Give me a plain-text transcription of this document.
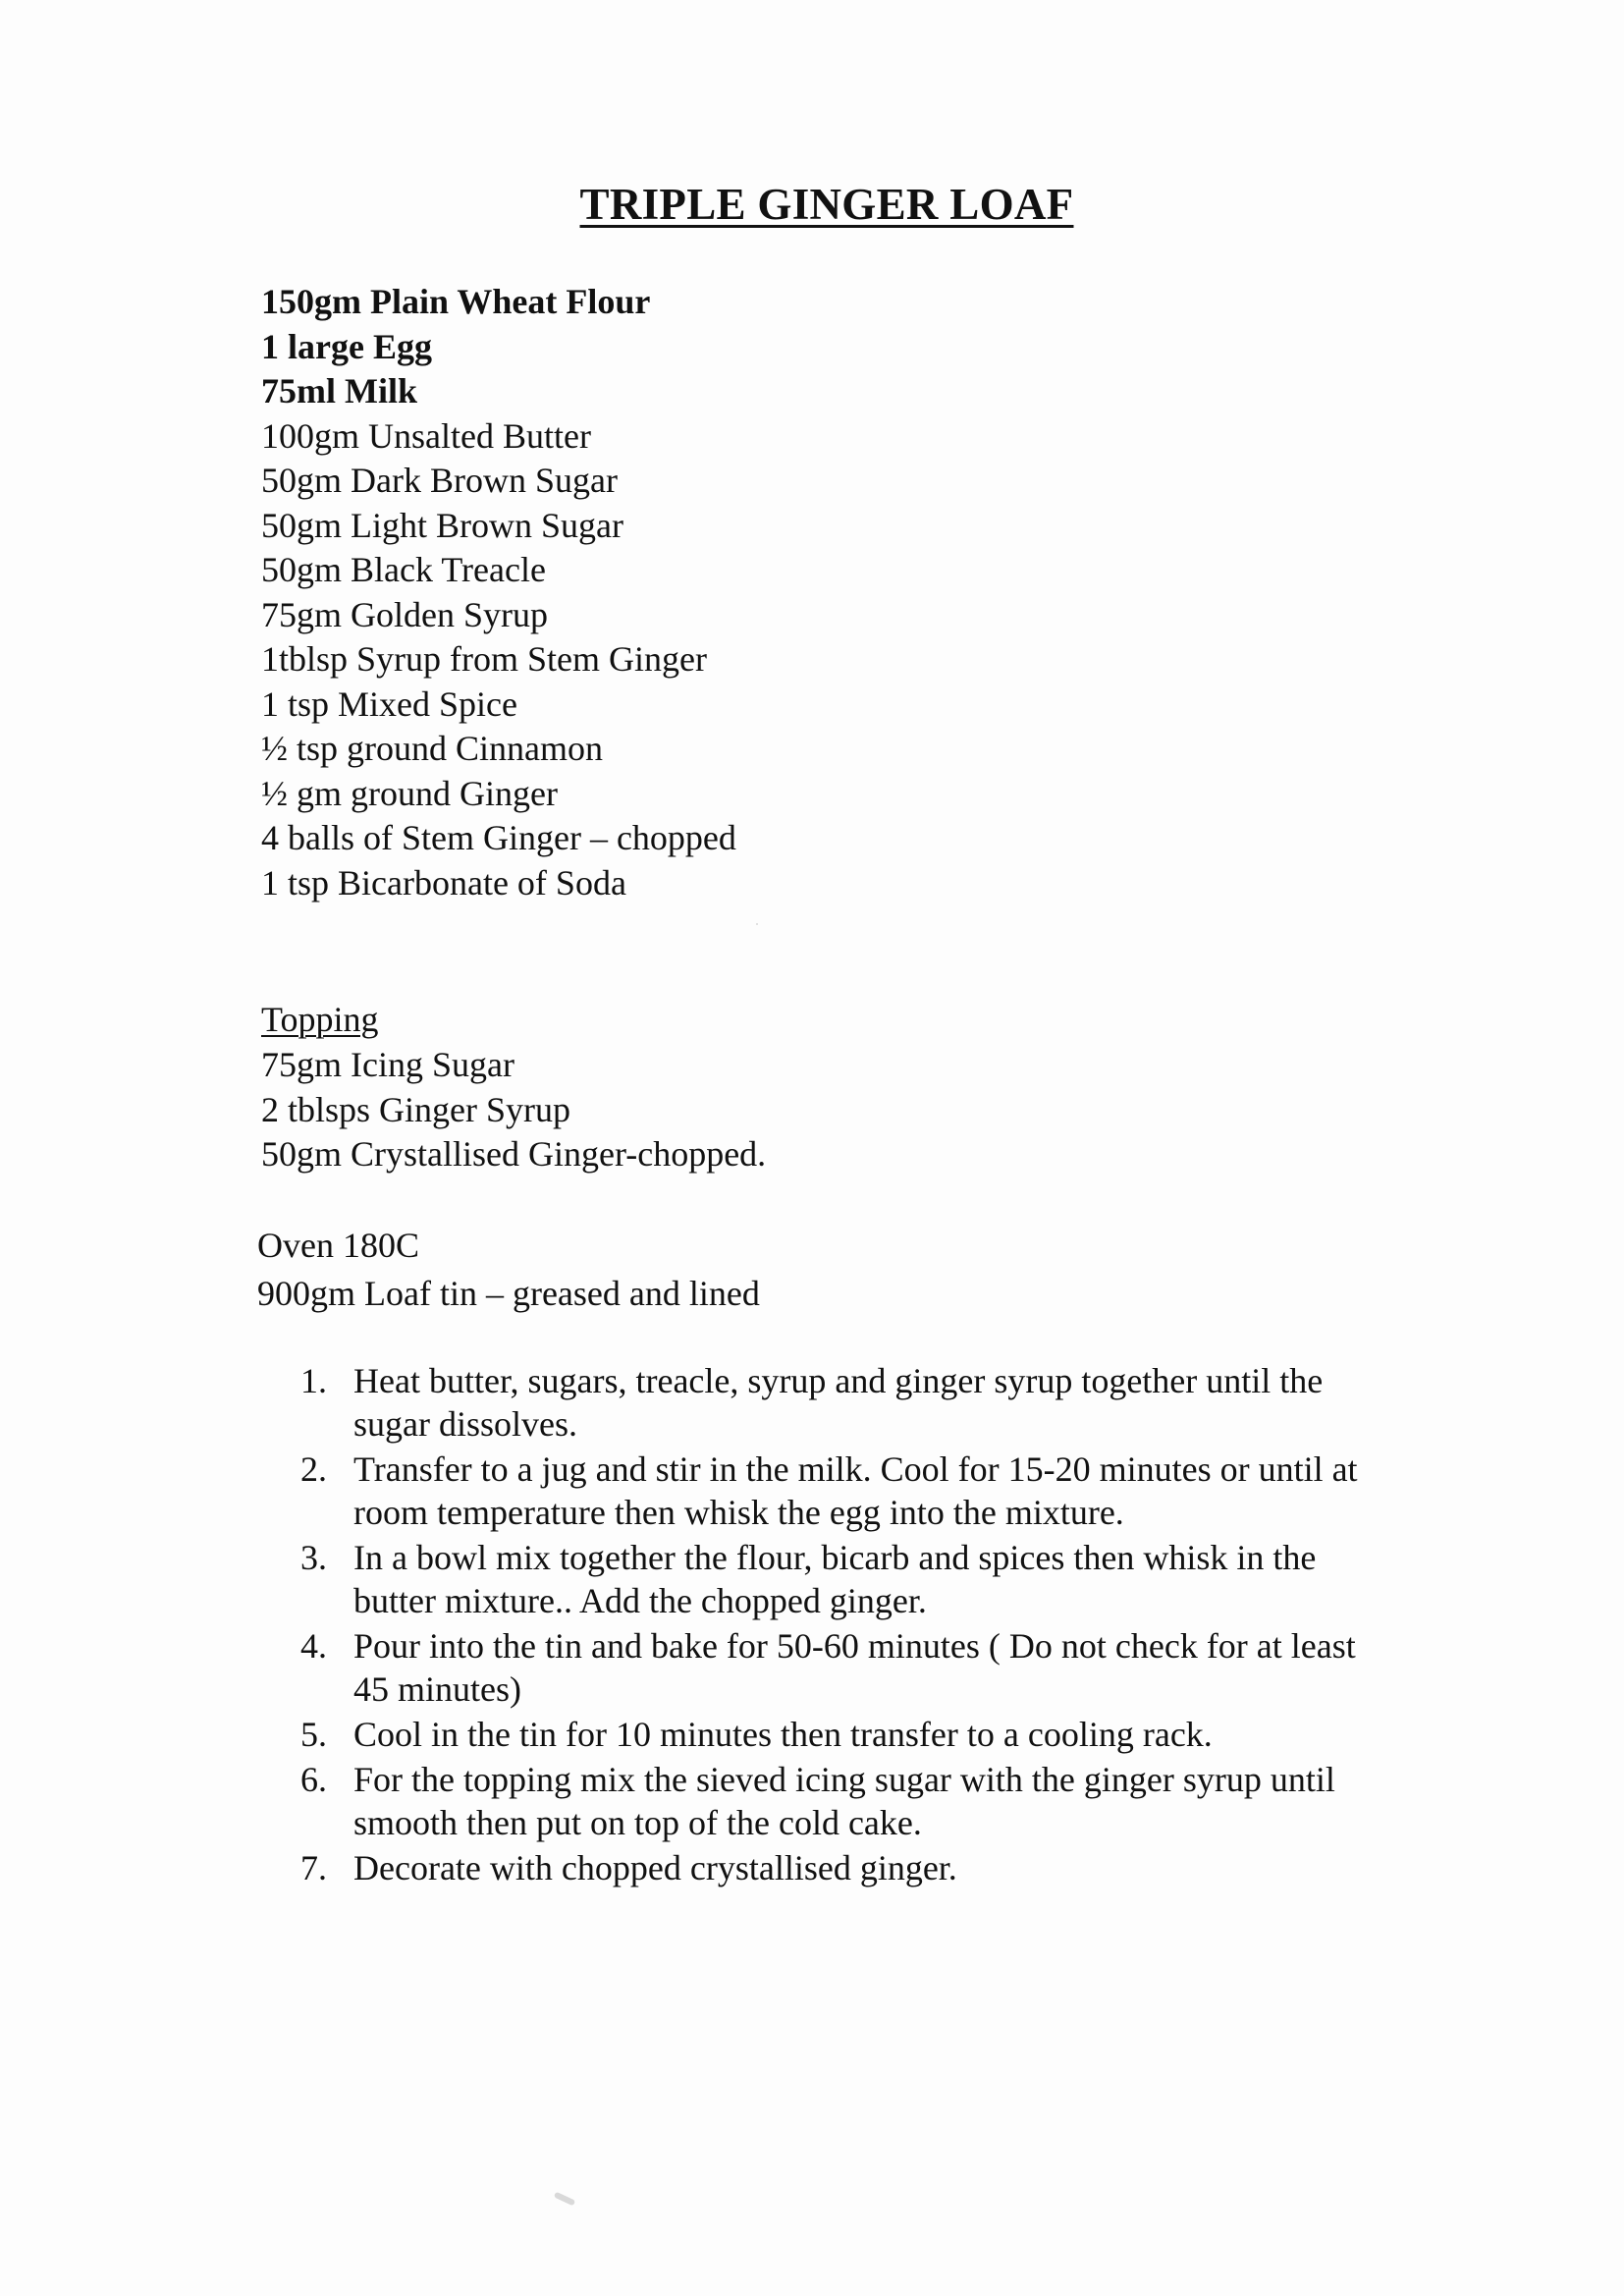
TRIPLE GINGER LOAF
150gm Plain Wheat Flour
1 large Egg
75ml Milk
100gm Unsalted Butter
50gm Dark Brown Sugar
50gm Light Brown Sugar
50gm Black Treacle
75gm Golden Syrup
1tblsp Syrup from Stem Ginger
1 tsp Mixed Spice
½ tsp ground Cinnamon
½ gm ground Ginger
4 balls of Stem Ginger – chopped
1 tsp Bicarbonate of Soda
Topping
75gm Icing Sugar
2 tblsps Ginger Syrup
50gm Crystallised Ginger-chopped.
Oven 180C
900gm Loaf tin – greased and lined
1. Heat butter, sugars, treacle, syrup and ginger syrup together until the sugar dissolves.
2. Transfer to a jug and stir in the milk. Cool for 15-20 minutes or until at room temperature then whisk the egg into the mixture.
3. In a bowl mix together the flour, bicarb and spices then whisk in the butter mixture.. Add the chopped ginger.
4. Pour into the tin and bake for 50-60 minutes ( Do not check for at least 45 minutes)
5. Cool in the tin for 10 minutes then transfer to a cooling rack.
6. For the topping mix the sieved icing sugar with the ginger syrup until smooth then put on top of the cold cake.
7. Decorate with chopped crystallised ginger.
